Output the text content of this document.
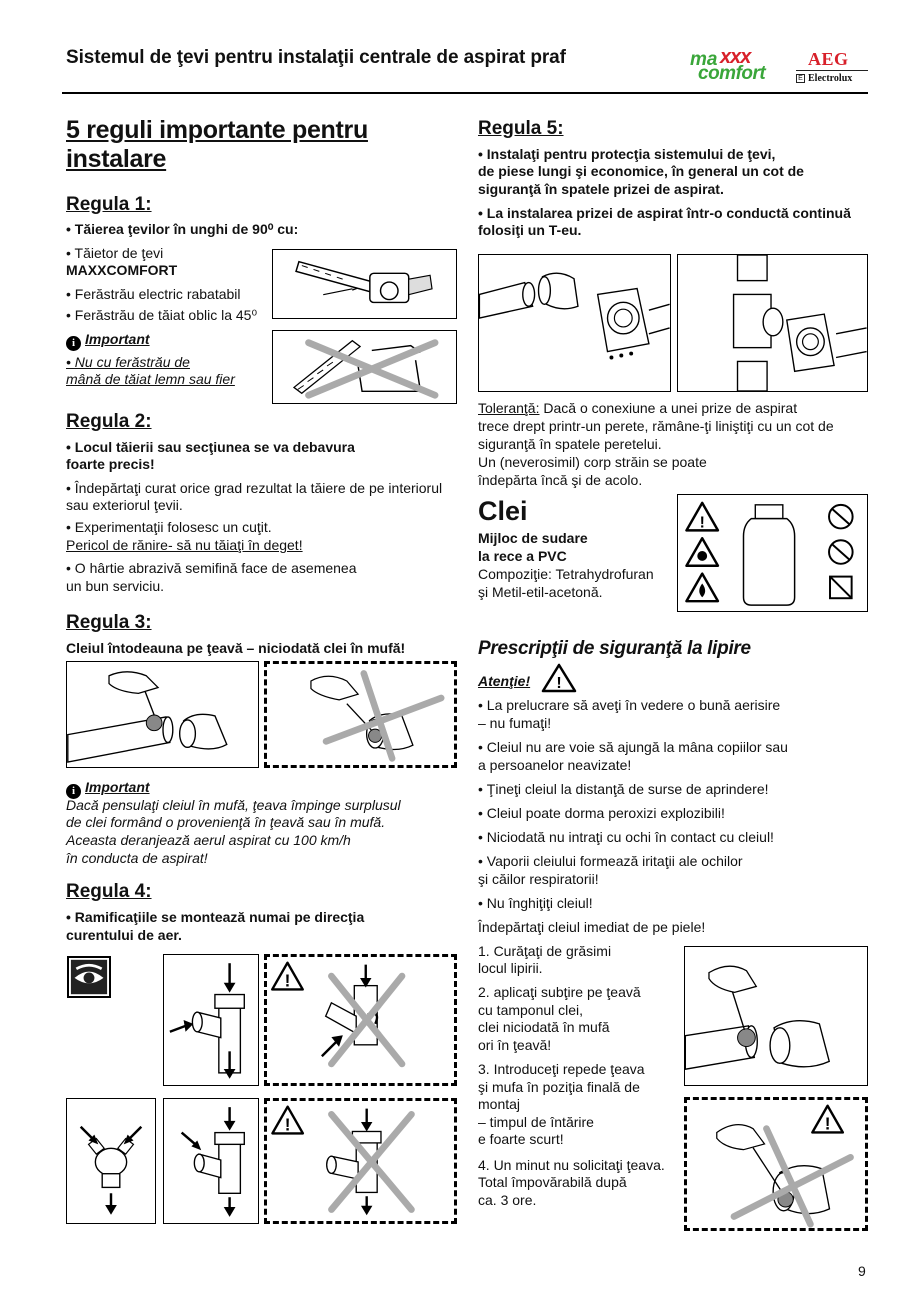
Sistemul de ţevi pentru instalaţii centrale de aspirat praf	ma xxx
comfort
AEG
E Electrolux
5 reguli importante pentru
instalare
Regula 1:
• Tăierea ţevilor în unghi de 90⁰ cu:
• Tăietor de ţevi
MAXXCOMFORT
• Ferăstrău electric rabatabil
• Ferăstrău de tăiat oblic la 45⁰
i Important
• Nu cu ferăstrău de
mână de tăiat lemn sau fier
Regula 2:
• Locul tăierii sau secţiunea se va debavura
foarte precis!
• Îndepărtaţi curat orice grad rezultat la tăiere de pe interiorul
sau exteriorul ţevii.
• Experimentaţii folosesc un cuţit.
Pericol de rănire- să nu tăiaţi în deget!
• O hârtie abrazivă semifină face de asemenea
un bun serviciu.
Regula 3:
Cleiul întodeauna pe ţeavă – niciodată clei în mufă!
i Important
Dacă pensulaţi cleiul în mufă, ţeava împinge surplusul
de clei formând o provenienţă în ţeavă sau în mufă.
Aceasta deranjează aerul aspirat cu 100 km/h
în conducta de aspirat!
Regula 4:
• Ramificaţiile se montează numai pe direcţia
curentului de aer.
!
!
Regula 5:
• Instalaţi pentru protecţia sistemului de ţevi,
de piese lungi şi economice, în general un cot de
siguranţă în spatele prizei de aspirat.
• La instalarea prizei de aspirat într-o conductă continuă
folosiţi un T-eu.
Toleranţă: Dacă o conexiune a unei prize de aspirat
trece drept printr-un perete, rămâne-ţi liniştiţi cu un cot de
siguranţă în spatele peretelui.
Un (neverosimil) corp străin se poate
îndepărta încă şi de acolo.
Clei
Mijloc de sudare
la rece a PVC
Compoziţie: Tetrahydrofuran
şi Metil-etil-acetonă.
!
Prescripţii de siguranţă la lipire
Atenţie! !
• La prelucrare să aveţi în vedere o bună aerisire
– nu fumaţi!
• Cleiul nu are voie să ajungă la mâna copiilor sau
a persoanelor neavizate!
• Ţineţi cleiul la distanţă de surse de aprindere!
• Cleiul poate dorma peroxizi explozibili!
• Niciodată nu intraţi cu ochi în contact cu cleiul!
• Vaporii cleiului formează iritaţii ale ochilor
şi căilor respiratorii!
• Nu înghiţiţi cleiul!
Îndepărtaţi cleiul imediat de pe piele!
1. Curăţaţi de grăsimi
locul lipirii.
2. aplicaţi subţire pe ţeavă
cu tamponul clei,
clei niciodată în mufă
ori în ţeavă!
3. Introduceţi repede ţeava
şi mufa în poziţia finală de
montaj
– timpul de întărire
e foarte scurt!
4. Un minut nu solicitaţi ţeava.
Total împovărabilă după
ca. 3 ore.
!
9
